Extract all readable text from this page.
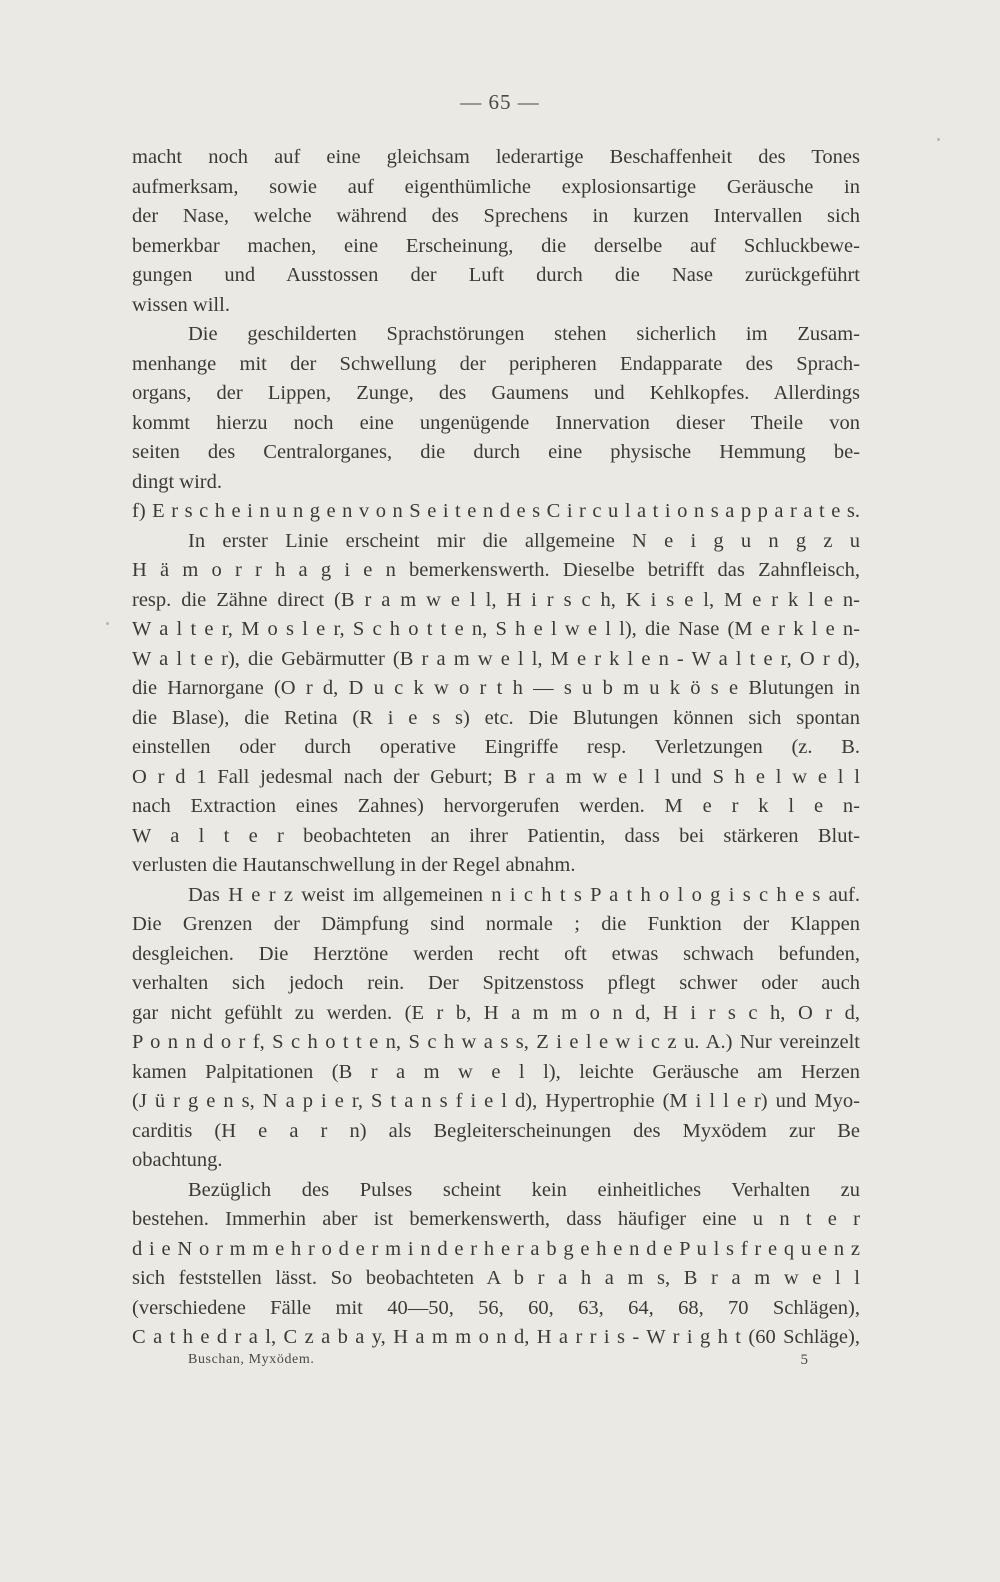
— 65 —
macht noch auf eine gleichsam lederartige Beschaffenheit des Tones
aufmerksam, sowie auf eigenthümliche explosionsartige Geräusche in
der Nase, welche während des Sprechens in kurzen Intervallen sich
bemerkbar machen, eine Erscheinung, die derselbe auf Schluckbewe-
gungen und Ausstossen der Luft durch die Nase zurückgeführt
wissen will.
Die geschilderten Sprachstörungen stehen sicherlich im Zusam-
menhange mit der Schwellung der peripheren Endapparate des Sprach-
organs, der Lippen, Zunge, des Gaumens und Kehlkopfes. Allerdings
kommt hierzu noch eine ungenügende Innervation dieser Theile von
seiten des Centralorganes, die durch eine physische Hemmung be-
dingt wird.
f) E r s c h e i n u n g e n v o n S e i t e n d e s C i r c u l a t i o n s a p p a r a t e s.
In erster Linie erscheint mir die allgemeine N e i g u n g z u
H ä m o r r h a g i e n bemerkenswerth. Dieselbe betrifft das Zahnfleisch,
resp. die Zähne direct (B r a m w e l l, H i r s c h, K i s e l, M e r k l e n-
W a l t e r, M o s l e r, S c h o t t e n, S h e l w e l l), die Nase (M e r k l e n-
W a l t e r), die Gebärmutter (B r a m w e l l, M e r k l e n - W a l t e r, O r d),
die Harnorgane (O r d, D u c k w o r t h — s u b m u k ö s e Blutungen in
die Blase), die Retina (R i e s s) etc. Die Blutungen können sich spontan
einstellen oder durch operative Eingriffe resp. Verletzungen (z. B.
O r d 1 Fall jedesmal nach der Geburt; B r a m w e l l und S h e l w e l l
nach Extraction eines Zahnes) hervorgerufen werden. M e r k l e n-
W a l t e r beobachteten an ihrer Patientin, dass bei stärkeren Blut-
verlusten die Hautanschwellung in der Regel abnahm.
Das H e r z weist im allgemeinen n i c h t s P a t h o l o g i s c h e s auf.
Die Grenzen der Dämpfung sind normale ; die Funktion der Klappen
desgleichen. Die Herztöne werden recht oft etwas schwach befunden,
verhalten sich jedoch rein. Der Spitzenstoss pflegt schwer oder auch
gar nicht gefühlt zu werden. (E r b, H a m m o n d, H i r s c h, O r d,
P o n n d o r f, S c h o t t e n, S c h w a s s, Z i e l e w i c z u. A.) Nur vereinzelt
kamen Palpitationen (B r a m w e l l), leichte Geräusche am Herzen
(J ü r g e n s, N a p i e r, S t a n s f i e l d), Hypertrophie (M i l l e r) und Myo-
carditis (H e a r n) als Begleiterscheinungen des Myxödem zur Be
obachtung.
Bezüglich des Pulses scheint kein einheitliches Verhalten zu
bestehen. Immerhin aber ist bemerkenswerth, dass häufiger eine u n t e r
d i e N o r m m e h r o d e r m i n d e r h e r a b g e h e n d e P u l s f r e q u e n z
sich feststellen lässt. So beobachteten A b r a h a m s, B r a m w e l l
(verschiedene Fälle mit 40—50, 56, 60, 63, 64, 68, 70 Schlägen),
C a t h e d r a l, C z a b a y, H a m m o n d, H a r r i s - W r i g h t (60 Schläge),
Buschan, Myxödem.	5
